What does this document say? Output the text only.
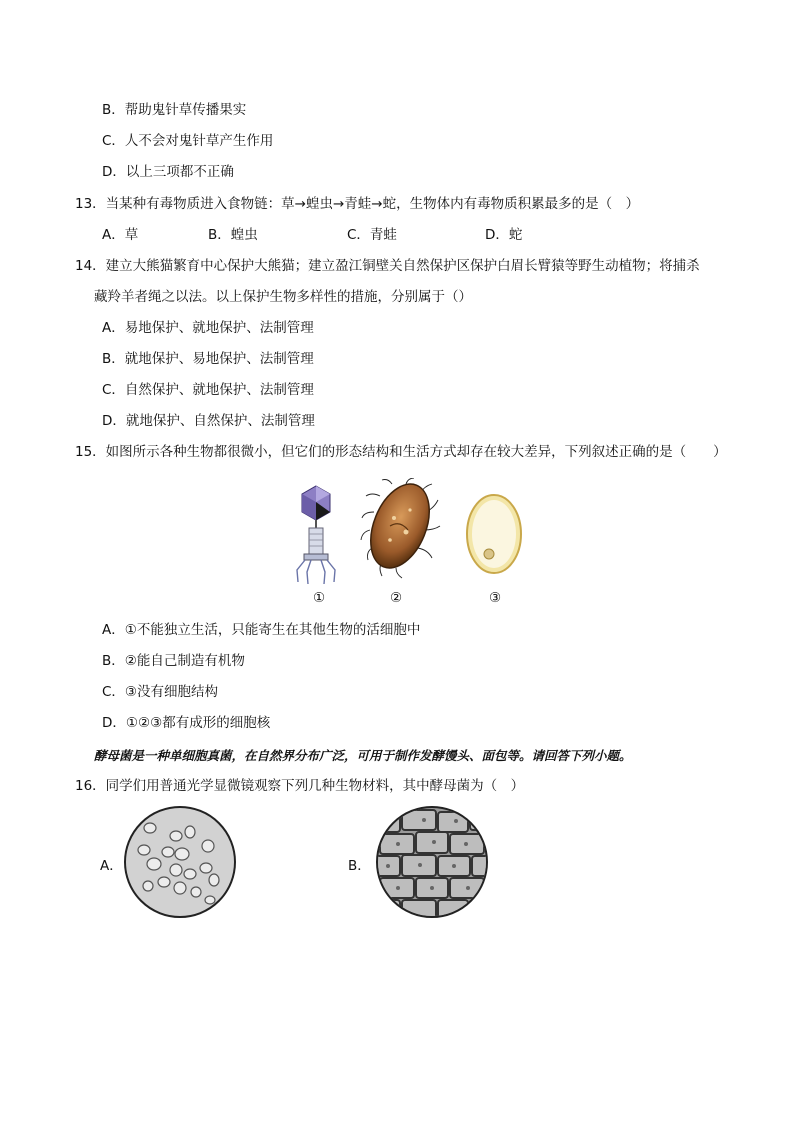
B．帮助鬼针草传播果实
C．人不会对鬼针草产生作用
D．以上三项都不正确
13．当某种有毒物质进入食物链：草→蝗虫→青蛙→蛇，生物体内有毒物质积累最多的是（　）
A．草	B．蝗虫	C．青蛙	D．蛇
14．建立大熊猫繁育中心保护大熊猫；建立盈江铜壁关自然保护区保护白眉长臂猿等野生动植物；将捕杀
藏羚羊者绳之以法。以上保护生物多样性的措施，分别属于（）
A．易地保护、就地保护、法制管理
B．就地保护、易地保护、法制管理
C．自然保护、就地保护、法制管理
D．就地保护、自然保护、法制管理
15．如图所示各种生物都很微小，但它们的形态结构和生活方式却存在较大差异，下列叙述正确的是（　　）
①	②	③
A．①不能独立生活，只能寄生在其他生物的活细胞中
B．②能自己制造有机物
C．③没有细胞结构
D．①②③都有成形的细胞核
酵母菌是一种单细胞真菌，在自然界分布广泛，可用于制作发酵馒头、面包等。请回答下列小题。
16．同学们用普通光学显微镜观察下列几种生物材料，其中酵母菌为（　）
A．	B．
